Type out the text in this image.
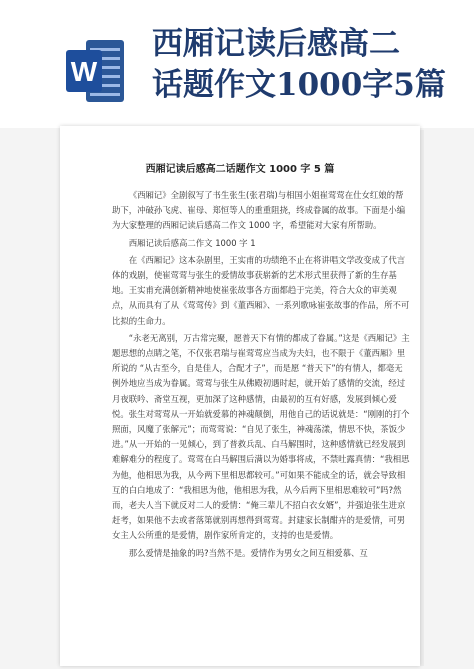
W
西厢记读后感高二
话题作文1000字5篇
西厢记读后感高二话题作文 1000 字 5 篇

《西厢记》全剧叙写了书生张生(张君瑞)与相国小姐崔莺莺在仕女红娘的帮助下，冲破孙飞虎、崔母、郑恒等人的重重阻挠，终成眷属的故事。下面是小编为大家整理的西厢记读后感高二作文 1000 字，希望能对大家有所帮助。

西厢记读后感高二作文 1000 字 1

在《西厢记》这本杂剧里，王实甫的功绩绝不止在将讲唱文学改变成了代言体的戏剧，使崔莺莺与张生的爱情故事获崭新的艺术形式里获得了新的生存基地。王实甫充满创新精神地使崔张故事各方面都趋于完美，符合大众的审美观点，从而具有了从《莺莺传》到《董西厢》、一系列歌咏崔张故事的作品，所不可比拟的生命力。

“永老无离别，万古常完聚，愿普天下有情的都成了眷属。”这是《西厢记》主题思想的点睛之笔，不仅张君瑞与崔莺莺应当成为夫妇，也不限于《董西厢》里所说的 “从古至今，自是佳人，合配才子”，而是愿 “普天下”的有情人，都毫无例外地应当成为眷属。莺莺与张生从佛殿初遇时起，就开始了感情的交流，经过月夜联吟、斋堂互视，更加深了这种感情，由最初的互有好感，发展到倾心爱悦。张生对莺莺从一开始就爱慕的神魂颠倒，用他自己的话说就是：“刚刚的打个照面，风魔了张解元”；而莺莺说：“自见了张生，神魂荡漾，情思不快，茶饭少进。”从一开始的一见倾心，到了普救兵乱、白马解围时，这种感情就已经发展到难解难分的程度了。莺莺在白马解围后满以为婚事将成，不禁吐露真情：“我相思为他，他相思为我，从今两下里相思都较可。”可如果不能成全的话，就会导致相互的白白地成了：“我相思为他，他相思为我，从今后两下里相思难较可”吗?然而，老夫人当下就反对二人的爱情：“俺三辈儿不招白衣女婿”，并强迫张生进京赶考，如果他不去或者落第就别再想得到莺莺。封建家长制酣卉的是爱情，可男女主人公所重的是爱情，剧作家所肯定的，支持的也是爱情。

那么爱情是抽象的吗?当然不是。爱情作为男女之间互相爱慕、互
